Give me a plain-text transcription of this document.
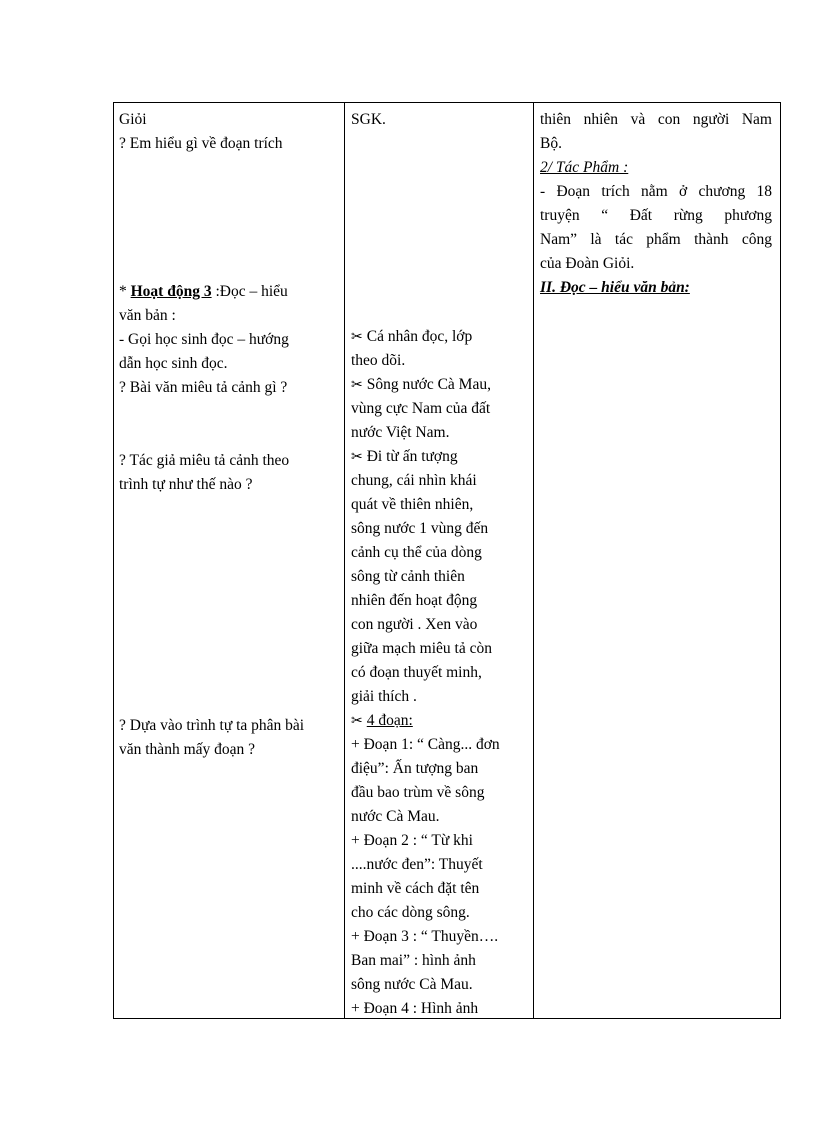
Giỏi
? Em hiểu gì về đoạn trích
* Hoạt động 3 :Đọc – hiểu
văn bản :
- Gọi học sinh đọc – hướng
dẫn học sinh đọc.
? Bài văn miêu tả cảnh gì ?
? Tác giả miêu tả cảnh theo
trình tự như thế nào ?
? Dựa vào trình tự ta phân bài
văn thành mấy đoạn ?
SGK.
✂ Cá nhân đọc, lớp
theo dõi.
✂ Sông nước Cà Mau,
vùng cực Nam của đất
nước Việt Nam.
✂ Đi từ ấn tượng
chung, cái nhìn khái
quát về thiên nhiên,
sông nước 1 vùng đến
cảnh cụ thể của dòng
sông từ cảnh thiên
nhiên đến hoạt động
con người . Xen vào
giữa mạch miêu tả còn
có đoạn thuyết minh,
giải thích .
✂ 4 đoạn:
+ Đoạn 1: “ Càng... đơn
điệu”: Ấn tượng ban
đầu bao trùm về sông
nước Cà Mau.
+ Đoạn 2 : “ Từ khi
....nước đen”: Thuyết
minh về cách đặt tên
cho các dòng sông.
+ Đoạn 3 : “ Thuyền….
Ban mai” : hình ảnh
sông nước Cà Mau.
+ Đoạn 4 : Hình ảnh
thiên nhiên và con người Nam
Bộ.
2/ Tác Phẩm :
- Đoạn trích nằm ở chương 18
truyện “ Đất rừng phương
Nam” là tác phẩm thành công
của Đoàn Giỏi.
II. Đọc – hiểu văn bản:
